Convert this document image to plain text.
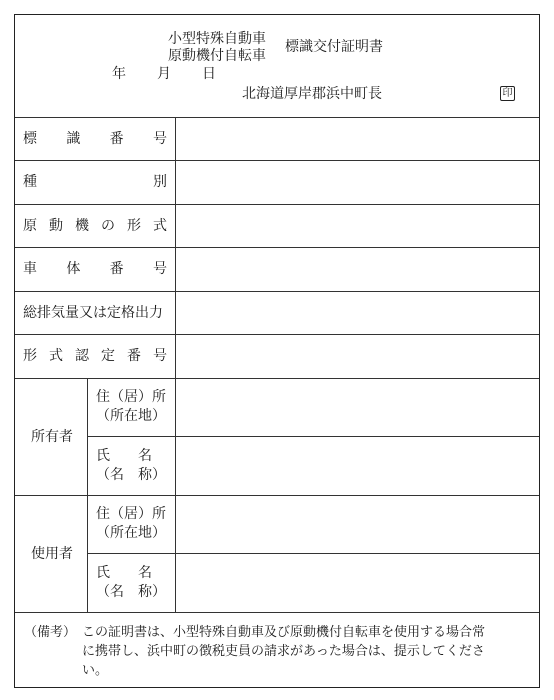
小型特殊自動車
原動機付自転車
標識交付証明書
年 月 日
北海道厚岸郡浜中町長	印
標 識 番 号
種	別
原 動 機 の 形 式
車 体 番 号
総排気量又は定格出力
形 式 認 定 番 号
所有者
住（居）所
（所在地）
氏　　名
（名　称）
使用者
住（居）所
（所在地）
氏　　名
（名　称）
（備考） この証明書は、小型特殊自動車及び原動機付自転車を使用する場合常
に携帯し、浜中町の徴税吏員の請求があった場合は、提示してくださ
い。
